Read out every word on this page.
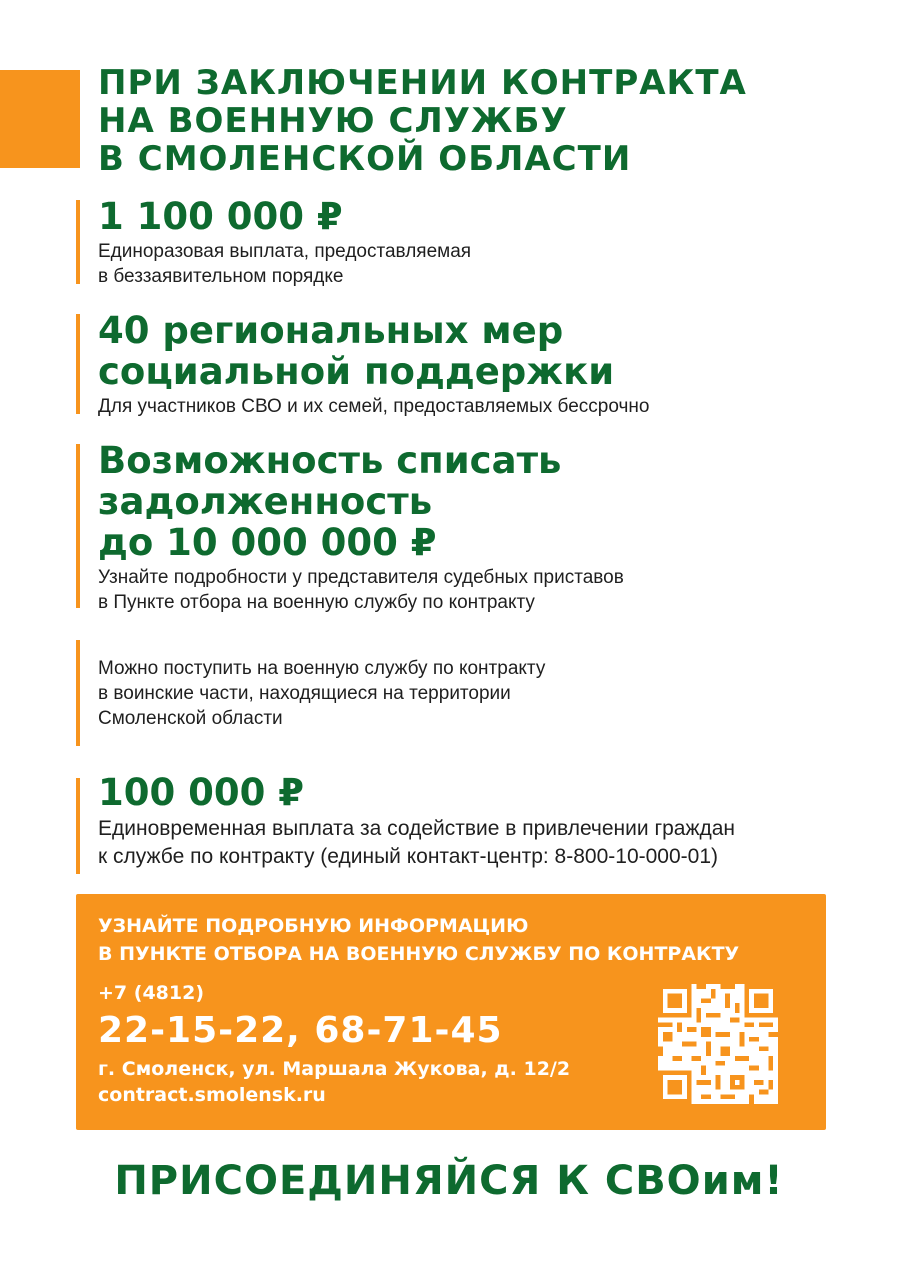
ПРИ ЗАКЛЮЧЕНИИ КОНТРАКТА
НА ВОЕННУЮ СЛУЖБУ
В СМОЛЕНСКОЙ ОБЛАСТИ
1 100 000 ₽
Единоразовая выплата, предоставляемая
в беззаявительном порядке
40 региональных мер
социальной поддержки
Для участников СВО и их семей, предоставляемых бессрочно
Возможность списать
задолженность
до 10 000 000 ₽
Узнайте подробности у представителя судебных приставов
в Пункте отбора на военную службу по контракту
Можно поступить на военную службу по контракту
в воинские части, находящиеся на территории
Смоленской области
100 000 ₽
Единовременная выплата за содействие в привлечении граждан
к службе по контракту (единый контакт-центр: 8-800-10-000-01)
УЗНАЙТЕ ПОДРОБНУЮ ИНФОРМАЦИЮ
В ПУНКТЕ ОТБОРА НА ВОЕННУЮ СЛУЖБУ ПО КОНТРАКТУ
+7 (4812)
22-15-22, 68-71-45
г. Смоленск, ул. Маршала Жукова, д. 12/2
contract.smolensk.ru
ПРИСОЕДИНЯЙСЯ К СВОим!
